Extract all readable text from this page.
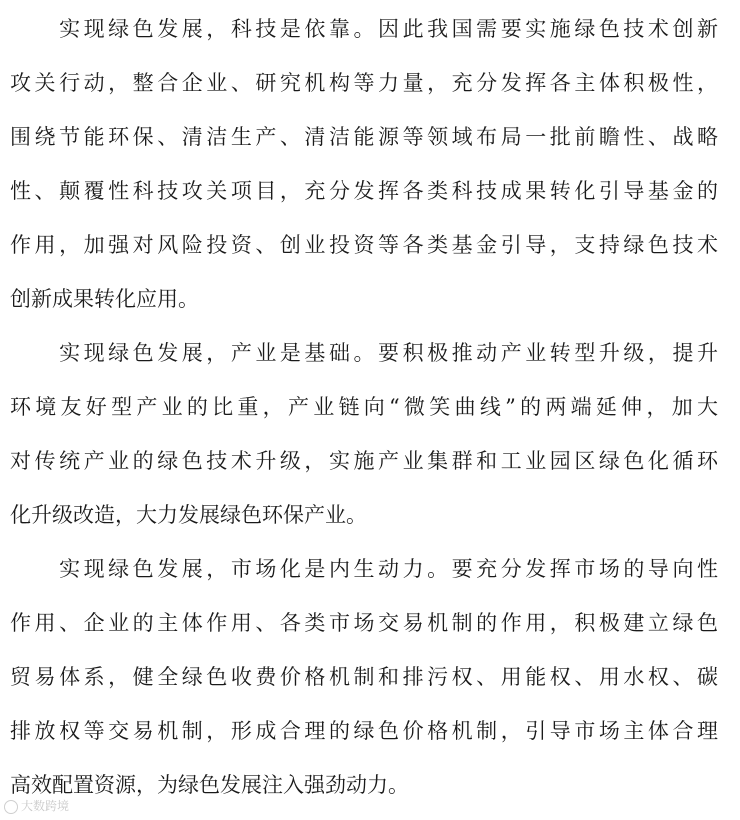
　　实现绿色发展，科技是依靠。因此我国需要实施绿色技术创新
攻关行动，整合企业、研究机构等力量，充分发挥各主体积极性，
围绕节能环保、清洁生产、清洁能源等领域布局一批前瞻性、战略
性、颠覆性科技攻关项目，充分发挥各类科技成果转化引导基金的
作用，加强对风险投资、创业投资等各类基金引导，支持绿色技术
创新成果转化应用。
　　实现绿色发展，产业是基础。要积极推动产业转型升级，提升
环境友好型产业的比重，产业链向“微笑曲线”的两端延伸，加大
对传统产业的绿色技术升级，实施产业集群和工业园区绿色化循环
化升级改造，大力发展绿色环保产业。
　　实现绿色发展，市场化是内生动力。要充分发挥市场的导向性
作用、企业的主体作用、各类市场交易机制的作用，积极建立绿色
贸易体系，健全绿色收费价格机制和排污权、用能权、用水权、碳
排放权等交易机制，形成合理的绿色价格机制，引导市场主体合理
高效配置资源，为绿色发展注入强劲动力。
大数跨境
